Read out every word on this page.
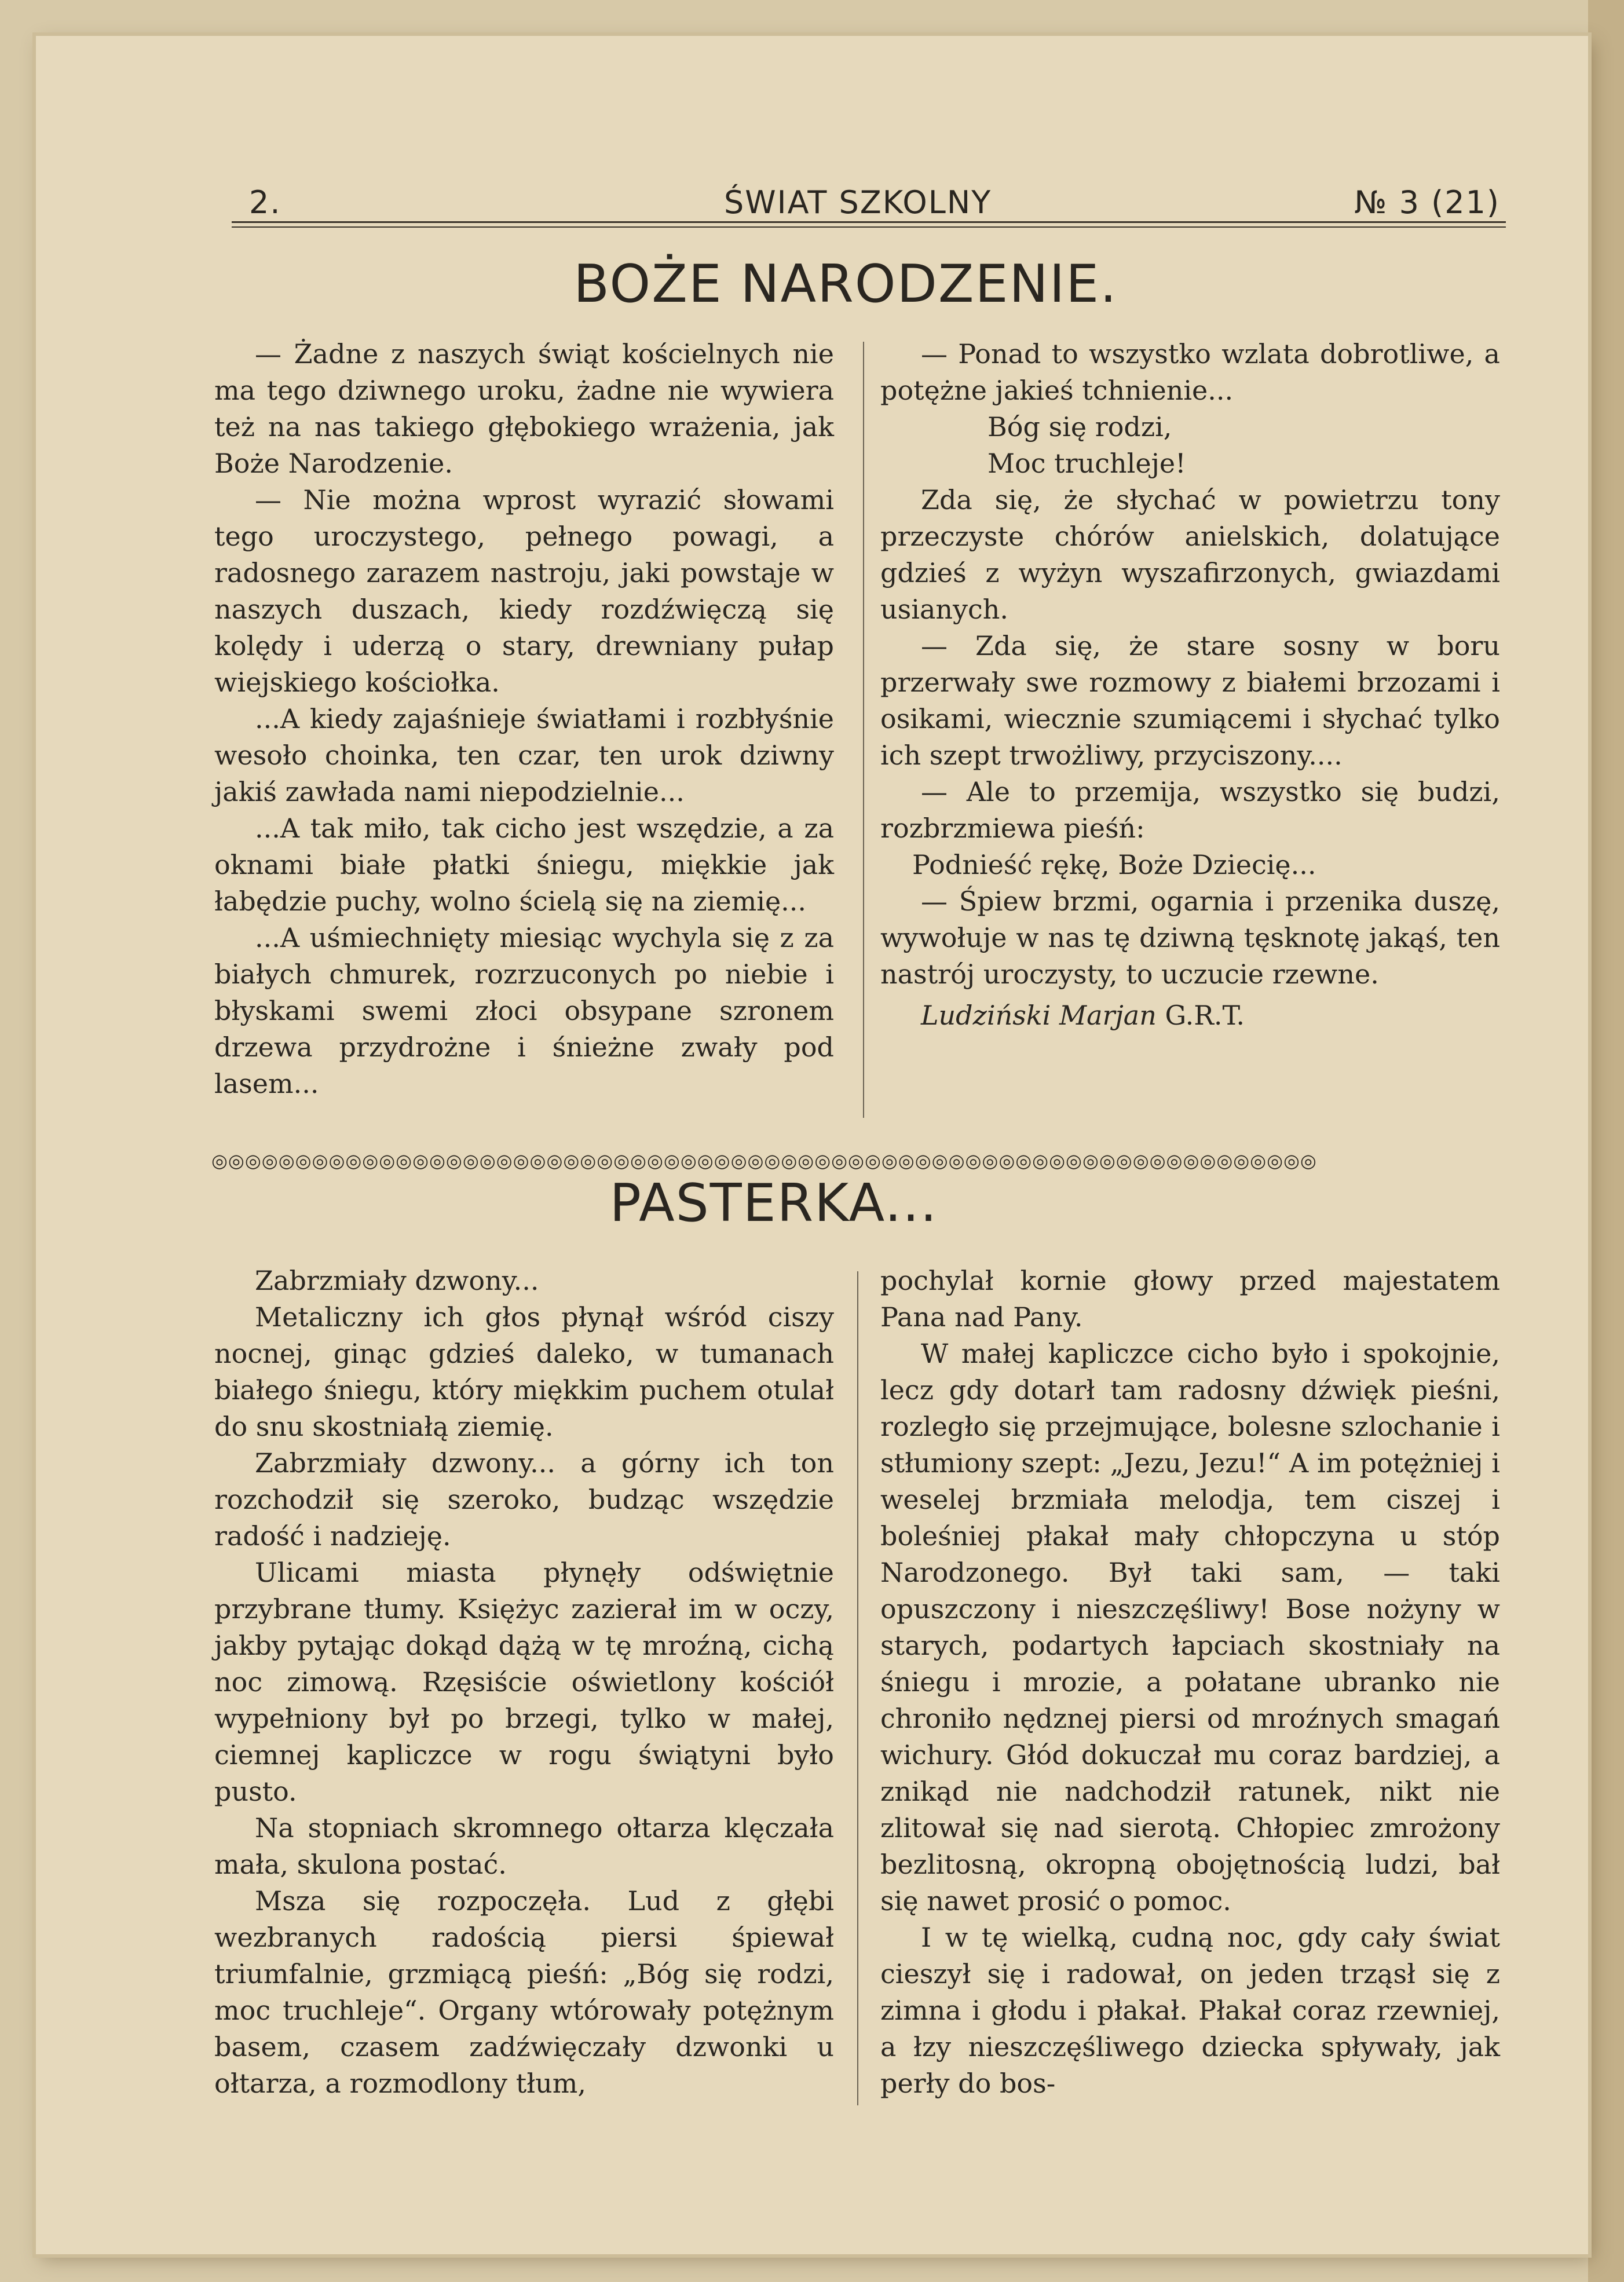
2.	ŚWIAT SZKOLNY	№ 3 (21)
BOŻE NARODZENIE.

— Żadne z naszych świąt kościelnych nie ma tego dziwnego uroku, żadne nie wywiera też na nas takiego głębokiego wrażenia, jak Boże Narodzenie.

— Nie można wprost wyrazić słowami tego uroczystego, pełnego powagi, a radosnego zarazem nastroju, jaki powstaje w naszych duszach, kiedy rozdźwięczą się kolędy i uderzą o stary, drewniany pułap wiejskiego kościołka.

...A kiedy zajaśnieje światłami i rozbłyśnie wesoło choinka, ten czar, ten urok dziwny jakiś zawłada nami niepodzielnie...

...A tak miło, tak cicho jest wszędzie, a za oknami białe płatki śniegu, miękkie jak łabędzie puchy, wolno ścielą się na ziemię...

...A uśmiechnięty miesiąc wychyla się z za białych chmurek, rozrzuconych po niebie i błyskami swemi złoci obsypane szronem drzewa przydrożne i śnieżne zwały pod lasem...

— Ponad to wszystko wzlata dobrotliwe, a potężne jakieś tchnienie...

Bóg się rodzi,

Moc truchleje!

Zda się, że słychać w powietrzu tony przeczyste chórów anielskich, dolatujące gdzieś z wyżyn wyszafirzonych, gwiazdami usianych.

— Zda się, że stare sosny w boru przerwały swe rozmowy z białemi brzozami i osikami, wiecznie szumiącemi i słychać tylko ich szept trwożliwy, przyciszony....

— Ale to przemija, wszystko się budzi, rozbrzmiewa pieśń:

Podnieść rękę, Boże Dziecię...

— Śpiew brzmi, ogarnia i przenika duszę, wywołuje w nas tę dziwną tęsknotę jakąś, ten nastrój uroczysty, to uczucie rzewne.

Ludziński Marjan G.R.T.

◎◎◎◎◎◎◎◎◎◎◎◎◎◎◎◎◎◎◎◎◎◎◎◎◎◎◎◎◎◎◎◎◎◎◎◎◎◎◎◎◎◎◎◎◎◎◎◎◎◎◎◎◎◎◎◎◎◎◎◎◎◎◎◎◎◎
PASTERKA...

Zabrzmiały dzwony...

Metaliczny ich głos płynął wśród ciszy nocnej, ginąc gdzieś daleko, w tumanach białego śniegu, który miękkim puchem otulał do snu skostniałą ziemię.

Zabrzmiały dzwony... a górny ich ton rozchodził się szeroko, budząc wszędzie radość i nadzieję.

Ulicami miasta płynęły odświętnie przybrane tłumy. Księżyc zazierał im w oczy, jakby pytając dokąd dążą w tę mroźną, cichą noc zimową. Rzęsiście oświetlony kościół wypełniony był po brzegi, tylko w małej, ciemnej kapliczce w rogu świątyni było pusto.

Na stopniach skromnego ołtarza klęczała mała, skulona postać.

Msza się rozpoczęła. Lud z głębi wezbranych radością piersi śpiewał triumfalnie, grzmiącą pieśń: „Bóg się rodzi, moc truchleje“. Organy wtórowały potężnym basem, czasem zadźwięczały dzwonki u ołtarza, a rozmodlony tłum,

pochylał kornie głowy przed majestatem Pana nad Pany.

W małej kapliczce cicho było i spokojnie, lecz gdy dotarł tam radosny dźwięk pieśni, rozległo się przejmujące, bolesne szlochanie i stłumiony szept: „Jezu, Jezu!“ A im potężniej i weselej brzmiała melodja, tem ciszej i boleśniej płakał mały chłopczyna u stóp Narodzonego. Był taki sam, — taki opuszczony i nieszczęśliwy! Bose nożyny w starych, podartych łapciach skostniały na śniegu i mrozie, a połatane ubranko nie chroniło nędznej piersi od mroźnych smagań wichury. Głód dokuczał mu coraz bardziej, a znikąd nie nadchodził ratunek, nikt nie zlitował się nad sierotą. Chłopiec zmrożony bezlitosną, okropną obojętnością ludzi, bał się nawet prosić o pomoc.

I w tę wielką, cudną noc, gdy cały świat cieszył się i radował, on jeden trząsł się z zimna i głodu i płakał. Płakał coraz rzewniej, a łzy nieszczęśliwego dziecka spływały, jak perły do bos-
